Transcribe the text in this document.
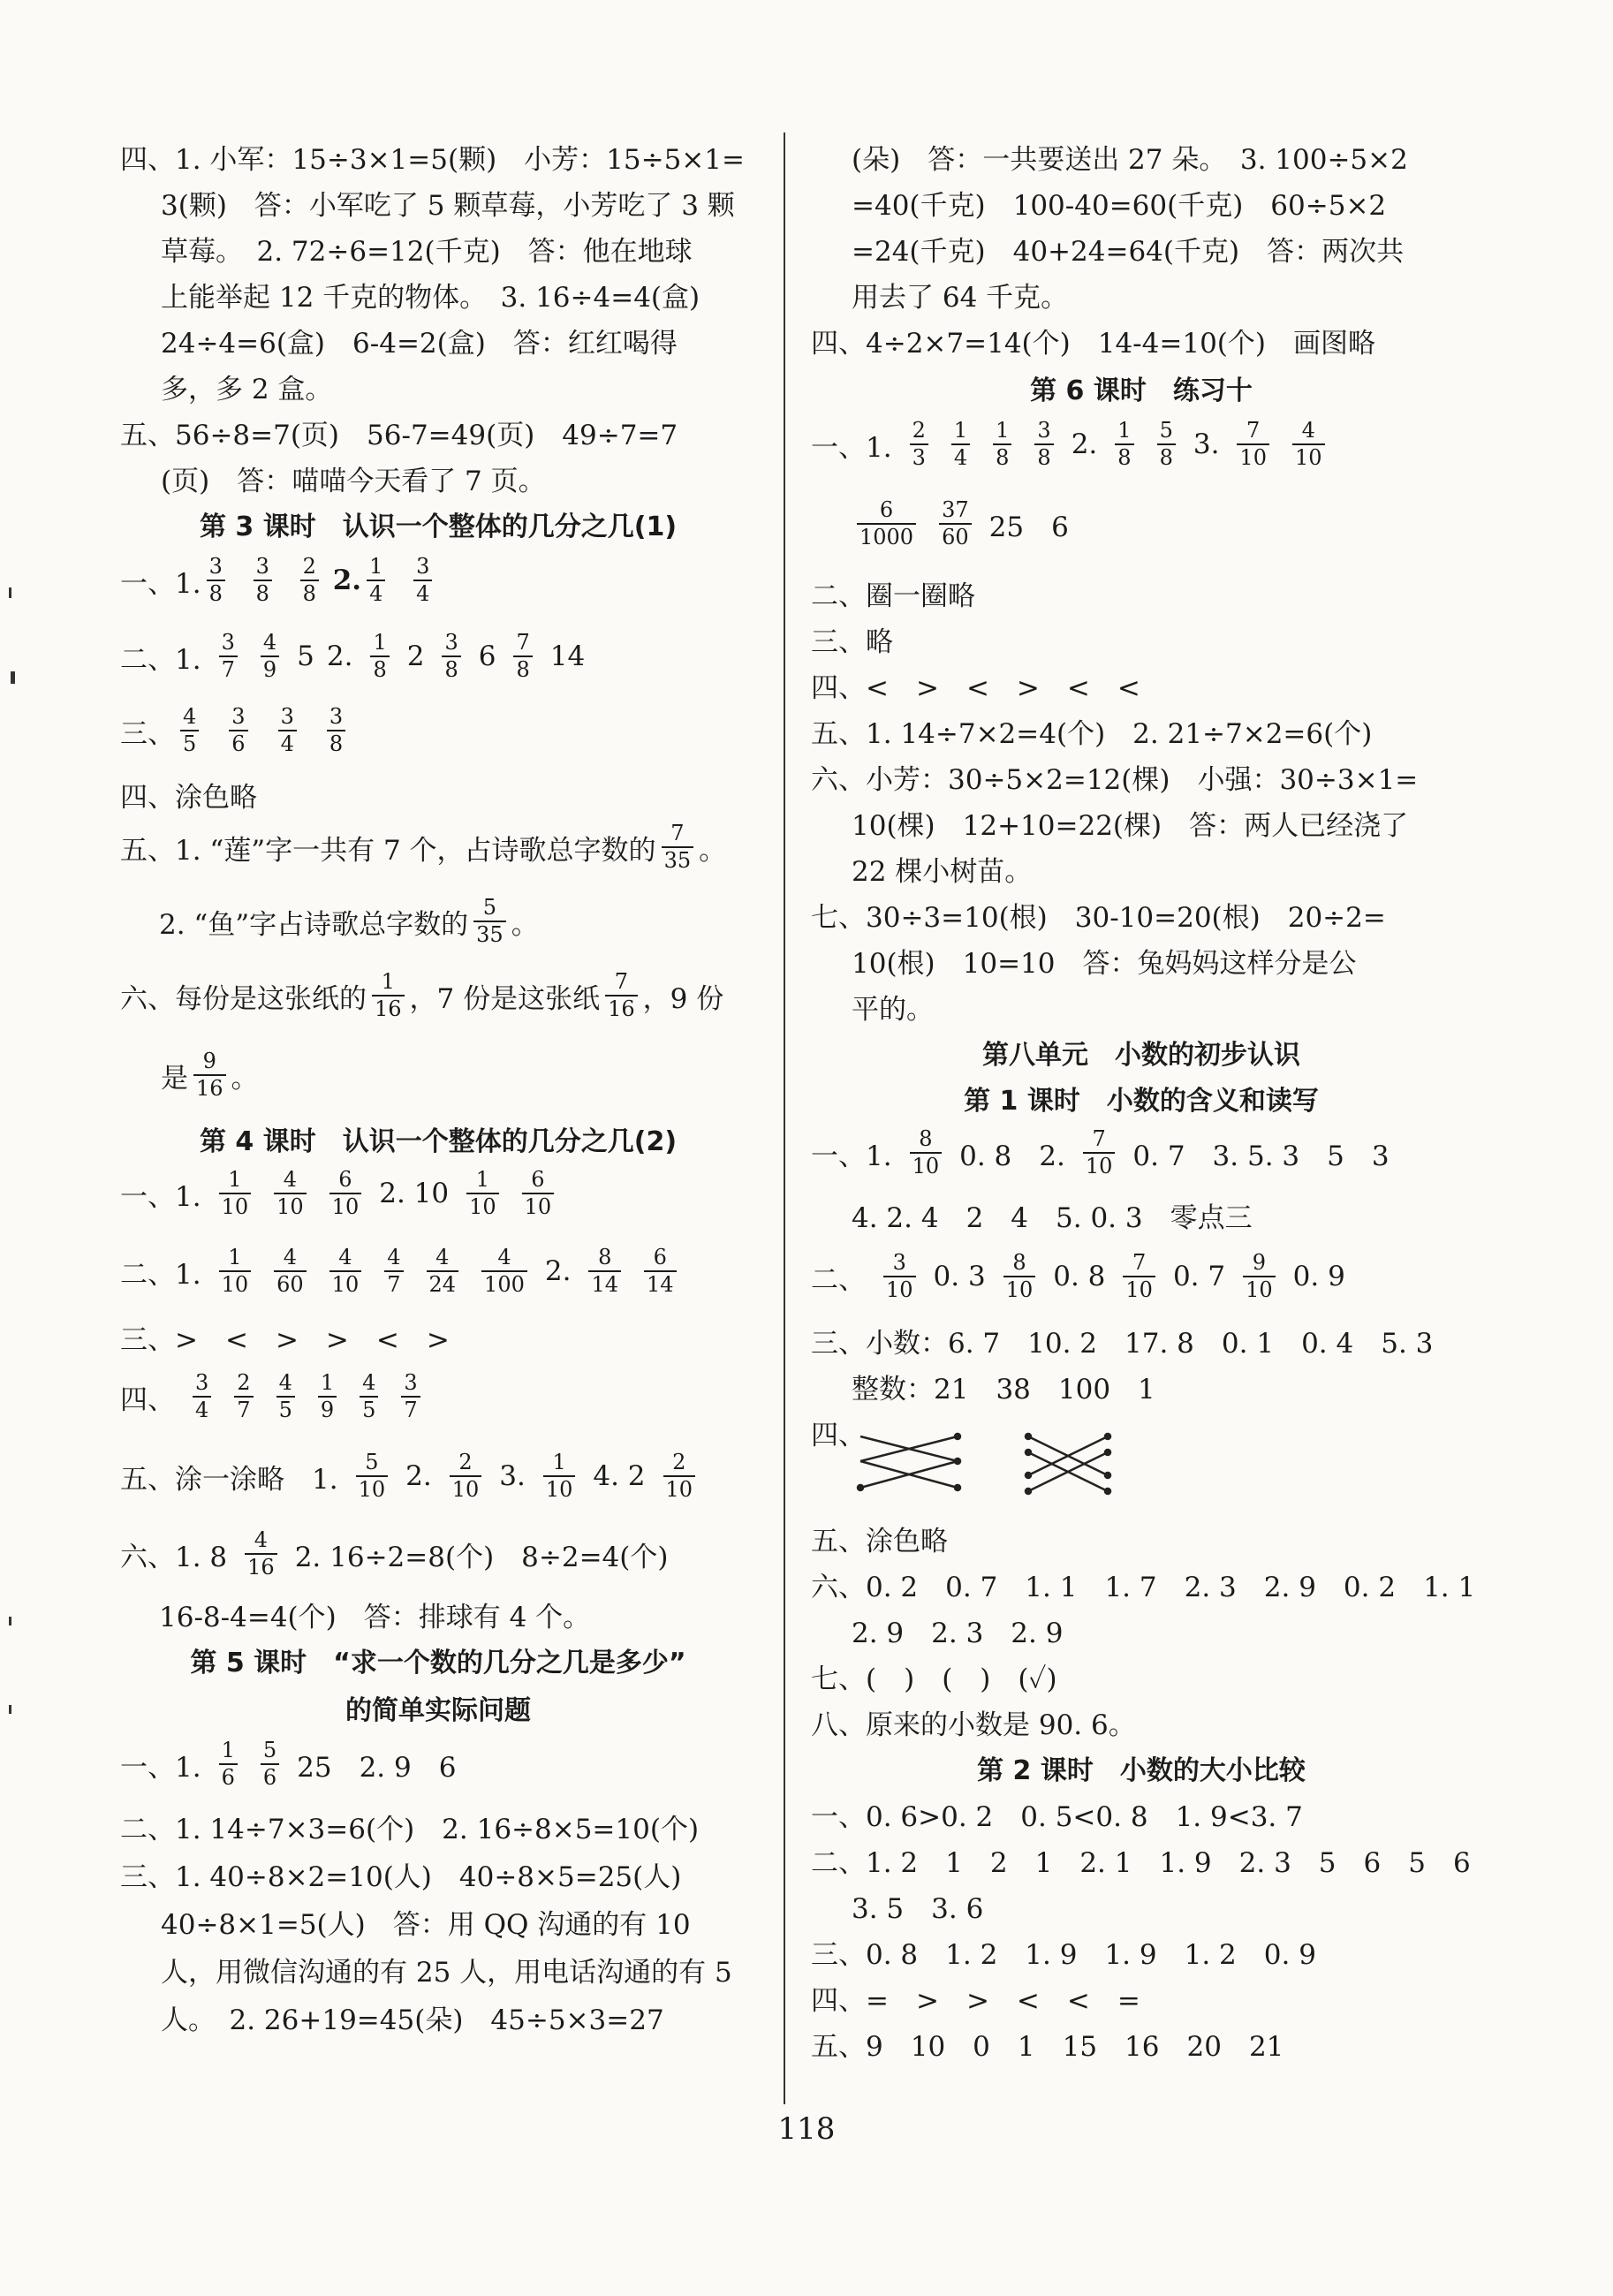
四、1. 小军：15÷3×1=5(颗)　小芳：15÷5×1=
3(颗)　答：小军吃了 5 颗草莓，小芳吃了 3 颗
草莓。　2. 72÷6=12(千克)　答：他在地球
上能举起 12 千克的物体。　3. 16÷4=4(盒)
24÷4=6(盒)　6-4=2(盒)　答：红红喝得
多，多 2 盒。
五、56÷8=7(页)　56-7=49(页)　49÷7=7
(页)　答：喵喵今天看了 7 页。
第 3 课时　认识一个整体的几分之几(1)
一、1. $\frac{3}{8}$
$\frac{3}{8}$
$\frac{2}{8}$
2. $\frac{1}{4}$
$\frac{3}{4}$
二、1. $\frac{3}{7} \frac{4}{9} 5$ 2. $\frac{1}{8} 2 \frac{3}{8} 6 \frac{7}{8} 14$
三、 $\frac{4}{5} \frac{3}{6} \frac{3}{4} \frac{3}{8}$
四、涂色略
五、1. “莲”字一共有 7 个，占诗歌总字数的 $\frac{7}{35}$ 。
2. “鱼”字占诗歌总字数的 $\frac{5}{35}$ 。
六、每份是这张纸的 $\frac{1}{16}$ ，7 份是这张纸 $\frac{7}{16}$ ，9 份
是 $\frac{9}{16}$ 。
第 4 课时　认识一个整体的几分之几(2)
一、1. $\frac{1}{10} \frac{4}{10} \frac{6}{10} 2$. $10 \frac{1}{10} \frac{6}{10}$
二、1. $\frac{1}{10} \frac{4}{60} \frac{4}{10} \frac{4}{7} \frac{4}{24} \frac{4}{100} 2$. $\frac{8}{14} \frac{6}{14}$
三、>　<　>　>　<　>
四、 $\frac{3}{4} \frac{2}{7} \frac{4}{5} \frac{1}{9} \frac{4}{5} \frac{3}{7}$
五、涂一涂略　1. $\frac{5}{10} 2$. $\frac{2}{10} 3$. $\frac{1}{10} 4$. $2 \frac{2}{10}$
六、1. $8 \frac{4}{16} 2$. 16÷2=8(个)　8÷2=4(个)
16-8-4=4(个)　答：排球有 4 个。
第 5 课时　“求一个数的几分之几是多少”
的简单实际问题
一、1. $\frac{1}{6} \frac{5}{6} 25$　2. 9　6
二、1. 14÷7×3=6(个)　2. 16÷8×5=10(个)
三、1. 40÷8×2=10(人)　40÷8×5=25(人)
40÷8×1=5(人)　答：用 QQ 沟通的有 10
人，用微信沟通的有 25 人，用电话沟通的有 5
人。　2. 26+19=45(朵)　45÷5×3=27
(朵)　答：一共要送出 27 朵。　3. 100÷5×2
=40(千克)　100-40=60(千克)　60÷5×2
=24(千克)　40+24=64(千克)　答：两次共
用去了 64 千克。
四、4÷2×7=14(个)　14-4=10(个)　画图略
第 6 课时　练习十
一、1. $\frac{2}{3} \frac{1}{4} \frac{1}{8} \frac{3}{8} 2$. $\frac{1}{8} \frac{5}{8} 3$. $\frac{7}{10} \frac{4}{10}$
$\frac{6}{1000} \frac{37}{60} 25$　6
二、圈一圈略
三、略
四、<　>　<　>　<　<
五、1. 14÷7×2=4(个)　2. 21÷7×2=6(个)
六、小芳：30÷5×2=12(棵)　小强：30÷3×1=
10(棵)　12+10=22(棵)　答：两人已经浇了
22 棵小树苗。
七、30÷3=10(根)　30-10=20(根)　20÷2=
10(根)　10=10　答：兔妈妈这样分是公
平的。
第八单元　小数的初步认识
第 1 课时　小数的含义和读写
一、1. $\frac{8}{10} 0$. 8　2. $\frac{7}{10} 0$. 7　3. 5. 3　5　3
4. 2. 4　2　4　5. 0. 3　零点三
二、 $\frac{3}{10} 0$. $3 \frac{8}{10} 0$. $8 \frac{7}{10} 0$. $7 \frac{9}{10} 0$. 9
三、小数：6. 7　10. 2　17. 8　0. 1　0. 4　5. 3
整数：21　38　100　1
四、
五、涂色略
六、0. 2　0. 7　1. 1　1. 7　2. 3　2. 9　0. 2　1. 1
2. 9　2. 3　2. 9
七、(　)　(　)　(✓)
八、原来的小数是 90. 6。
第 2 课时　小数的大小比较
一、0. 6>0. 2　0. 5<0. 8　1. 9<3. 7
二、1. 2　1　2　1　2. 1　1. 9　2. 3　5　6　5　6
3. 5　3. 6
三、0. 8　1. 2　1. 9　1. 9　1. 2　0. 9
四、=　>　>　<　<　=
五、9　10　0　1　15　16　20　21
118
